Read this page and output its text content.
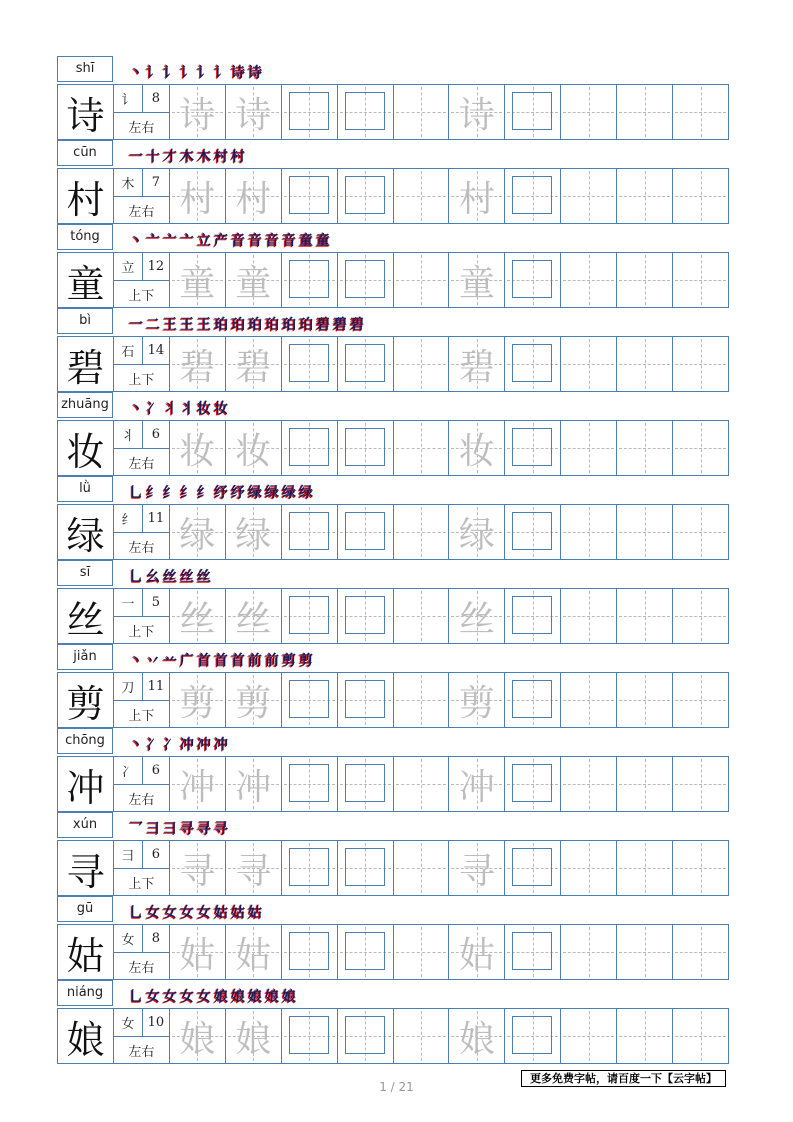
shī	丶 讠 讠 讠 讠 讠 诗 诗
诗	讠	8
左右 诗 诗	诗
cūn	一 十 才 木 木 村 村
村	木	7
左右 村 村	村
tóng	丶 亠 亠 亠 立 产 音 音 音 音 童 童
童	立	12
上下 童 童	童
bì	一 二 王 王 王 珀 珀 珀 珀 珀 珀 碧 碧 碧
碧	石	14
上下 碧 碧	碧
zhuāng 丶 冫 丬 丬 妆 妆
妆	丬	6
左右 妆 妆	妆
lǜ	乚 纟 纟 纟 纟 纾 纾 绿 绿 绿 绿
绿	纟	11
左右 绿 绿	绿
sī	乚 幺 丝 丝 丝
丝	一	5
上下 丝 丝	丝
jiǎn	丶 丷 䒑 广 首 首 首 前 前 剪 剪
剪	刀	11
上下 剪 剪	剪
chōng	丶 冫 冫 冲 冲 冲
冲	冫	6
左右 冲 冲	冲
xún	乛 彐 彐 寻 寻 寻
寻	彐	6
上下 寻 寻	寻
gū	乚 女 女 女 女 姑 姑 姑
姑	女	8
左右 姑 姑	姑
niáng	乚 女 女 女 女 娘 娘 娘 娘 娘
娘	女	10
左右 娘 娘	娘
1 / 21
更多免费字帖，请百度一下【云字帖】
